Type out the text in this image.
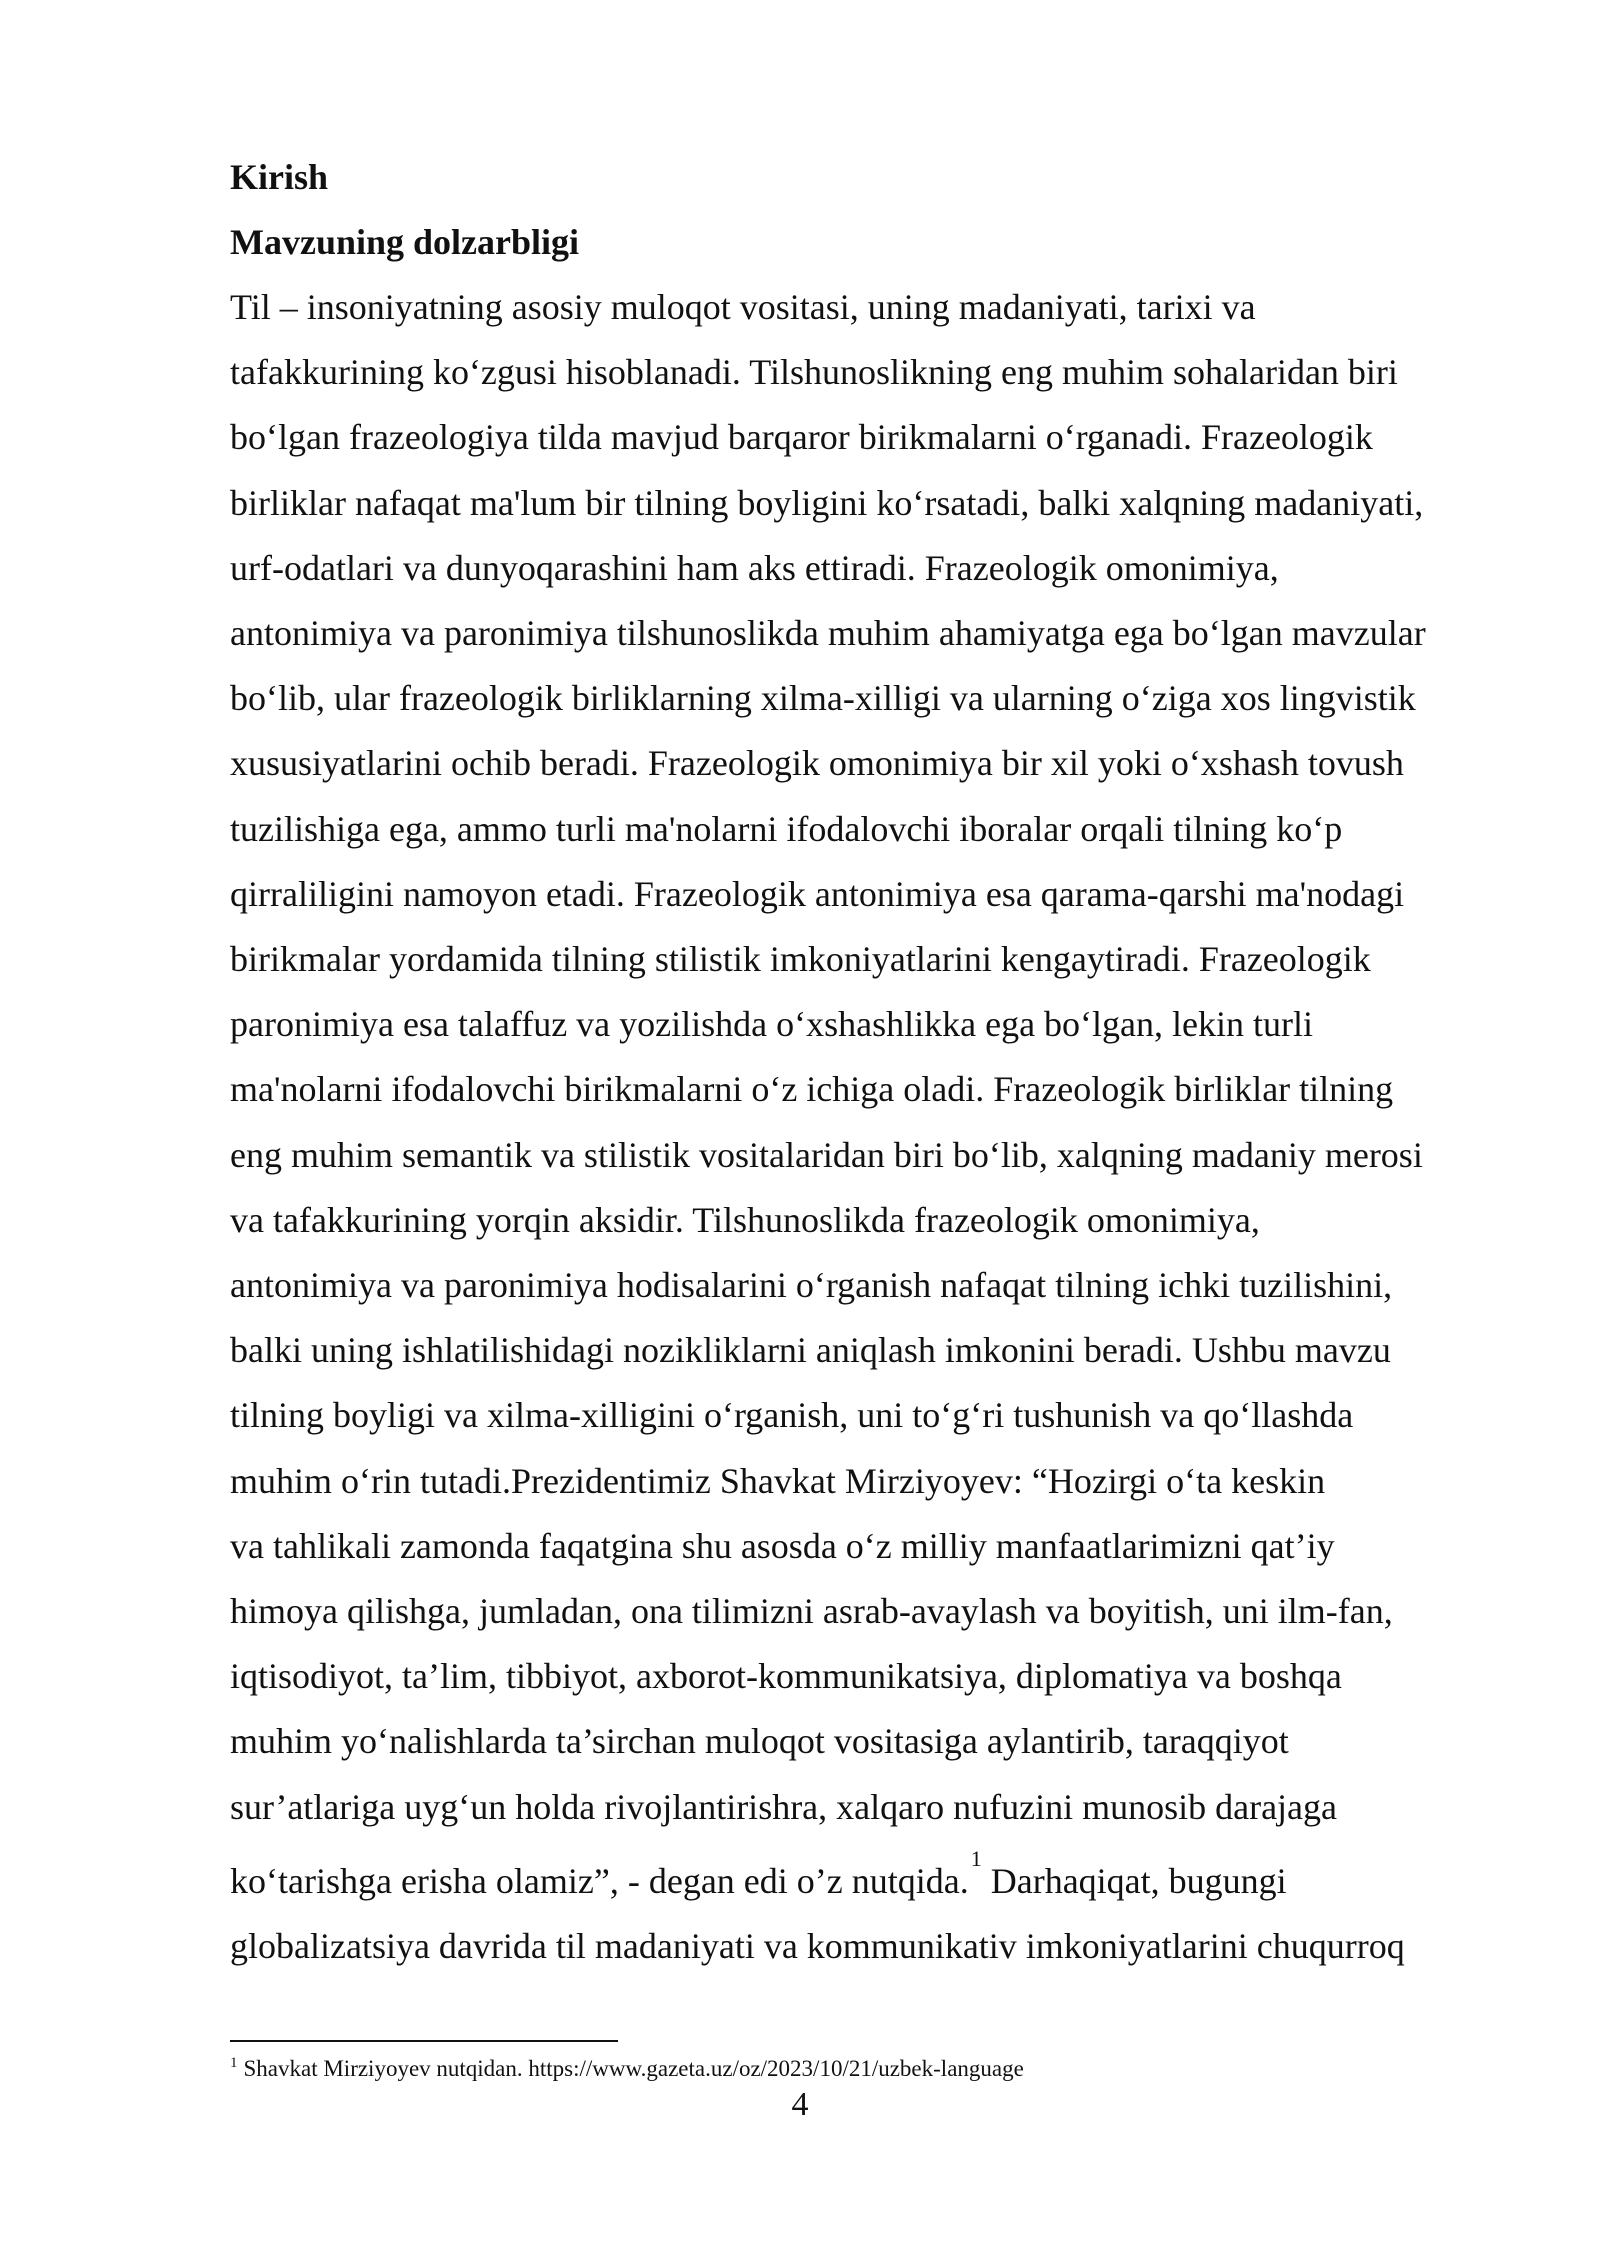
Kirish

Mavzuning dolzarbligi

Til – insoniyatning asosiy muloqot vositasi, uning madaniyati, tarixi va

tafakkurining ko‘zgusi hisoblanadi. Tilshunoslikning eng muhim sohalaridan biri

bo‘lgan frazeologiya tilda mavjud barqaror birikmalarni o‘rganadi. Frazeologik

birliklar nafaqat ma'lum bir tilning boyligini ko‘rsatadi, balki xalqning madaniyati,

urf-odatlari va dunyoqarashini ham aks ettiradi. Frazeologik omonimiya,

antonimiya va paronimiya tilshunoslikda muhim ahamiyatga ega bo‘lgan mavzular

bo‘lib, ular frazeologik birliklarning xilma-xilligi va ularning o‘ziga xos lingvistik

xususiyatlarini ochib beradi. Frazeologik omonimiya bir xil yoki o‘xshash tovush

tuzilishiga ega, ammo turli ma'nolarni ifodalovchi iboralar orqali tilning ko‘p

qirraliligini namoyon etadi. Frazeologik antonimiya esa qarama-qarshi ma'nodagi

birikmalar yordamida tilning stilistik imkoniyatlarini kengaytiradi. Frazeologik

paronimiya esa talaffuz va yozilishda o‘xshashlikka ega bo‘lgan, lekin turli

ma'nolarni ifodalovchi birikmalarni o‘z ichiga oladi. Frazeologik birliklar tilning

eng muhim semantik va stilistik vositalaridan biri bo‘lib, xalqning madaniy merosi

va tafakkurining yorqin aksidir. Tilshunoslikda frazeologik omonimiya,

antonimiya va paronimiya hodisalarini o‘rganish nafaqat tilning ichki tuzilishini,

balki uning ishlatilishidagi nozikliklarni aniqlash imkonini beradi. Ushbu mavzu

tilning boyligi va xilma-xilligini o‘rganish, uni to‘g‘ri tushunish va qo‘llashda

muhim o‘rin tutadi.Prezidentimiz Shavkat Mirziyoyev: “Hozirgi o‘ta keskin

va tahlikali zamonda faqatgina shu asosda o‘z milliy manfaatlarimizni qat’iy

himoya qilishga, jumladan, ona tilimizni asrab-avaylash va boyitish, uni ilm-fan,

iqtisodiyot, ta’lim, tibbiyot, axborot-kommunikatsiya, diplomatiya va boshqa

muhim yo‘nalishlarda ta’sirchan muloqot vositasiga aylantirib, taraqqiyot

sur’atlariga uyg‘un holda rivojlantirishra, xalqaro nufuzini munosib darajaga

ko‘tarishga erisha olamiz”, - degan edi o’z nutqida.$^1$ Darhaqiqat, bugungi

globalizatsiya davrida til madaniyati va kommunikativ imkoniyatlarini chuqurroq

$^1$ Shavkat Mirziyoyev nutqidan. https://www.gazeta.uz/oz/2023/10/21/uzbek-language
4
